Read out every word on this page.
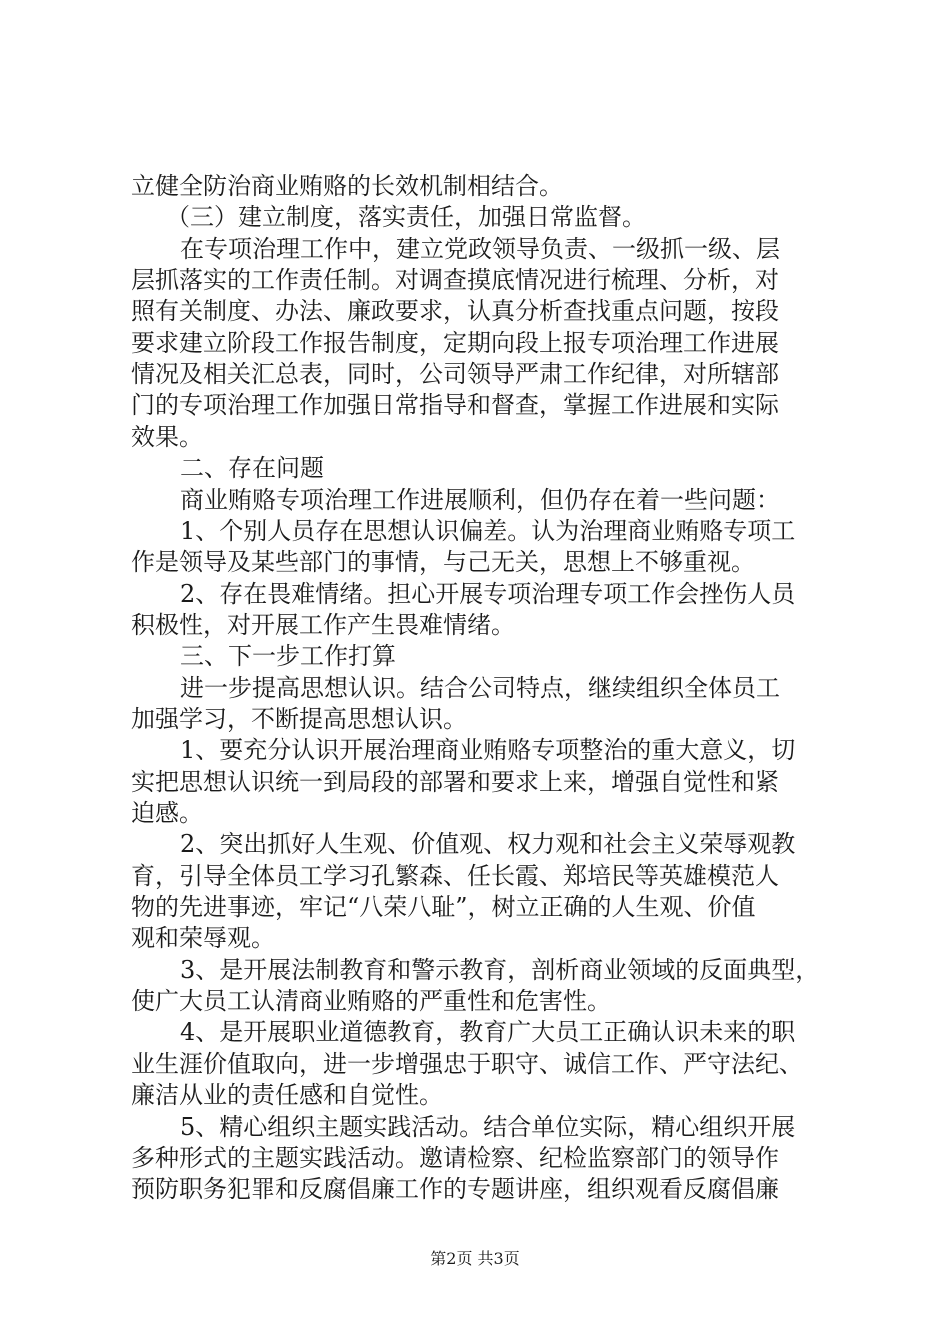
立健全防治商业贿赂的长效机制相结合。
（三）建立制度，落实责任，加强日常监督。
在专项治理工作中，建立党政领导负责、一级抓一级、层
层抓落实的工作责任制。对调查摸底情况进行梳理、分析，对
照有关制度、办法、廉政要求，认真分析查找重点问题，按段
要求建立阶段工作报告制度，定期向段上报专项治理工作进展
情况及相关汇总表，同时，公司领导严肃工作纪律，对所辖部
门的专项治理工作加强日常指导和督查，掌握工作进展和实际
效果。
二、存在问题
商业贿赂专项治理工作进展顺利，但仍存在着一些问题：
1、个别人员存在思想认识偏差。认为治理商业贿赂专项工
作是领导及某些部门的事情，与己无关，思想上不够重视。
2、存在畏难情绪。担心开展专项治理专项工作会挫伤人员
积极性，对开展工作产生畏难情绪。
三、下一步工作打算
进一步提高思想认识。结合公司特点，继续组织全体员工
加强学习，不断提高思想认识。
1、要充分认识开展治理商业贿赂专项整治的重大意义，切
实把思想认识统一到局段的部署和要求上来，增强自觉性和紧
迫感。
2、突出抓好人生观、价值观、权力观和社会主义荣辱观教
育，引导全体员工学习孔繁森、任长霞、郑培民等英雄模范人
物的先进事迹，牢记“八荣八耻”，树立正确的人生观、价值
观和荣辱观。
3、是开展法制教育和警示教育，剖析商业领域的反面典型，
使广大员工认清商业贿赂的严重性和危害性。
4、是开展职业道德教育，教育广大员工正确认识未来的职
业生涯价值取向，进一步增强忠于职守、诚信工作、严守法纪、
廉洁从业的责任感和自觉性。
5、精心组织主题实践活动。结合单位实际，精心组织开展
多种形式的主题实践活动。邀请检察、纪检监察部门的领导作
预防职务犯罪和反腐倡廉工作的专题讲座，组织观看反腐倡廉
第2页 共3页
